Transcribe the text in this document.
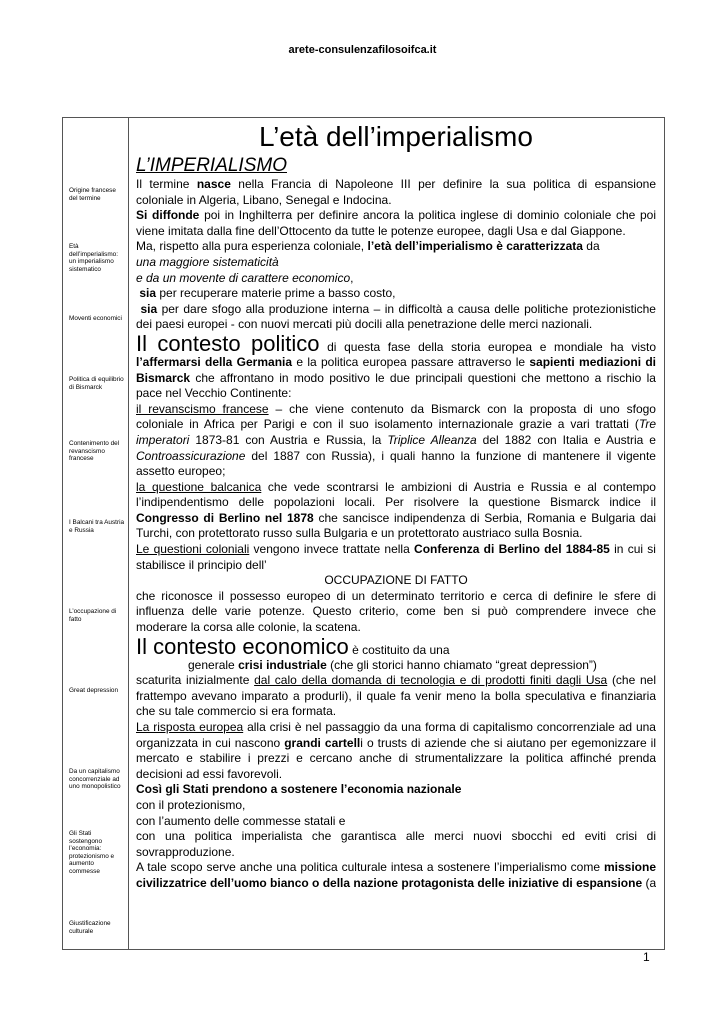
arete-consulenzafilosoifca.it
Origine francese del termine
Età dell’imperialismo: un imperialismo sistematico
Moventi economici
Politica di equilibrio di Bismarck
Contenimento del revanscismo francese
I Balcani tra Austria e Russia
L’occupazione di fatto
Great depression
Da un capitalismo concorrenziale ad uno monopolistico
Gli Stati sostengono l’economia: protezionismo e aumento commesse
Giustificazione culturale
L’età dell’imperialismo
L’IMPERIALISMO
Il termine nasce nella Francia di Napoleone III per definire la sua politica di espansione
coloniale in Algeria, Libano, Senegal e Indocina.
Si diffonde poi in Inghilterra per definire ancora la politica inglese di dominio coloniale che poi
viene imitata dalla fine dell’Ottocento da tutte le potenze europee, dagli Usa e dal Giappone.
Ma, rispetto alla pura esperienza coloniale, l’età dell’imperialismo è caratterizzata da
una maggiore sistematicità
e da un movente di carattere economico,
sia per recuperare materie prime a basso costo,
sia per dare sfogo alla produzione interna – in difficoltà a causa delle politiche protezionistiche
dei paesi europei - con nuovi mercati più docili alla penetrazione delle merci nazionali.
Il contesto politico di questa fase della storia europea e mondiale ha visto
l’affermarsi della Germania e la politica europea passare attraverso le sapienti mediazioni di
Bismarck che affrontano in modo positivo le due principali questioni che mettono a rischio la
pace nel Vecchio Continente:
il revanscismo francese – che viene contenuto da Bismarck con la proposta di uno sfogo
coloniale in Africa per Parigi e con il suo isolamento internazionale grazie a vari trattati (Tre
imperatori 1873-81 con Austria e Russia, la Triplice Alleanza del 1882 con Italia e Austria e
Controassicurazione del 1887 con Russia), i quali hanno la funzione di mantenere il vigente
assetto europeo;
la questione balcanica che vede scontrarsi le ambizioni di Austria e Russia e al contempo
l’indipendentismo delle popolazioni locali. Per risolvere la questione Bismarck indice il
Congresso di Berlino nel 1878 che sancisce indipendenza di Serbia, Romania e Bulgaria dai
Turchi, con protettorato russo sulla Bulgaria e un protettorato austriaco sulla Bosnia.
Le questioni coloniali vengono invece trattate nella Conferenza di Berlino del 1884-85 in cui si
stabilisce il principio dell’
OCCUPAZIONE DI FATTO
che riconosce il possesso europeo di un determinato territorio e cerca di definire le sfere di
influenza delle varie potenze. Questo criterio, come ben si può comprendere invece che
moderare la corsa alle colonie, la scatena.
Il contesto economico è costituito da una
generale crisi industriale (che gli storici hanno chiamato “great depression”)
scaturita inizialmente dal calo della domanda di tecnologia e di prodotti finiti dagli Usa (che nel
frattempo avevano imparato a produrli), il quale fa venir meno la bolla speculativa e finanziaria
che su tale commercio si era formata.
La risposta europea alla crisi è nel passaggio da una forma di capitalismo concorrenziale ad una
organizzata in cui nascono grandi cartelli o trusts di aziende che si aiutano per egemonizzare il
mercato e stabilire i prezzi e cercano anche di strumentalizzare la politica affinché prenda
decisioni ad essi favorevoli.
Così gli Stati prendono a sostenere l’economia nazionale
con il protezionismo,
con l’aumento delle commesse statali e
con una politica imperialista che garantisca alle merci nuovi sbocchi ed eviti crisi di
sovrapproduzione.
A tale scopo serve anche una politica culturale intesa a sostenere l’imperialismo come missione
civilizzatrice dell’uomo bianco o della nazione protagonista delle iniziative di espansione (a
1
